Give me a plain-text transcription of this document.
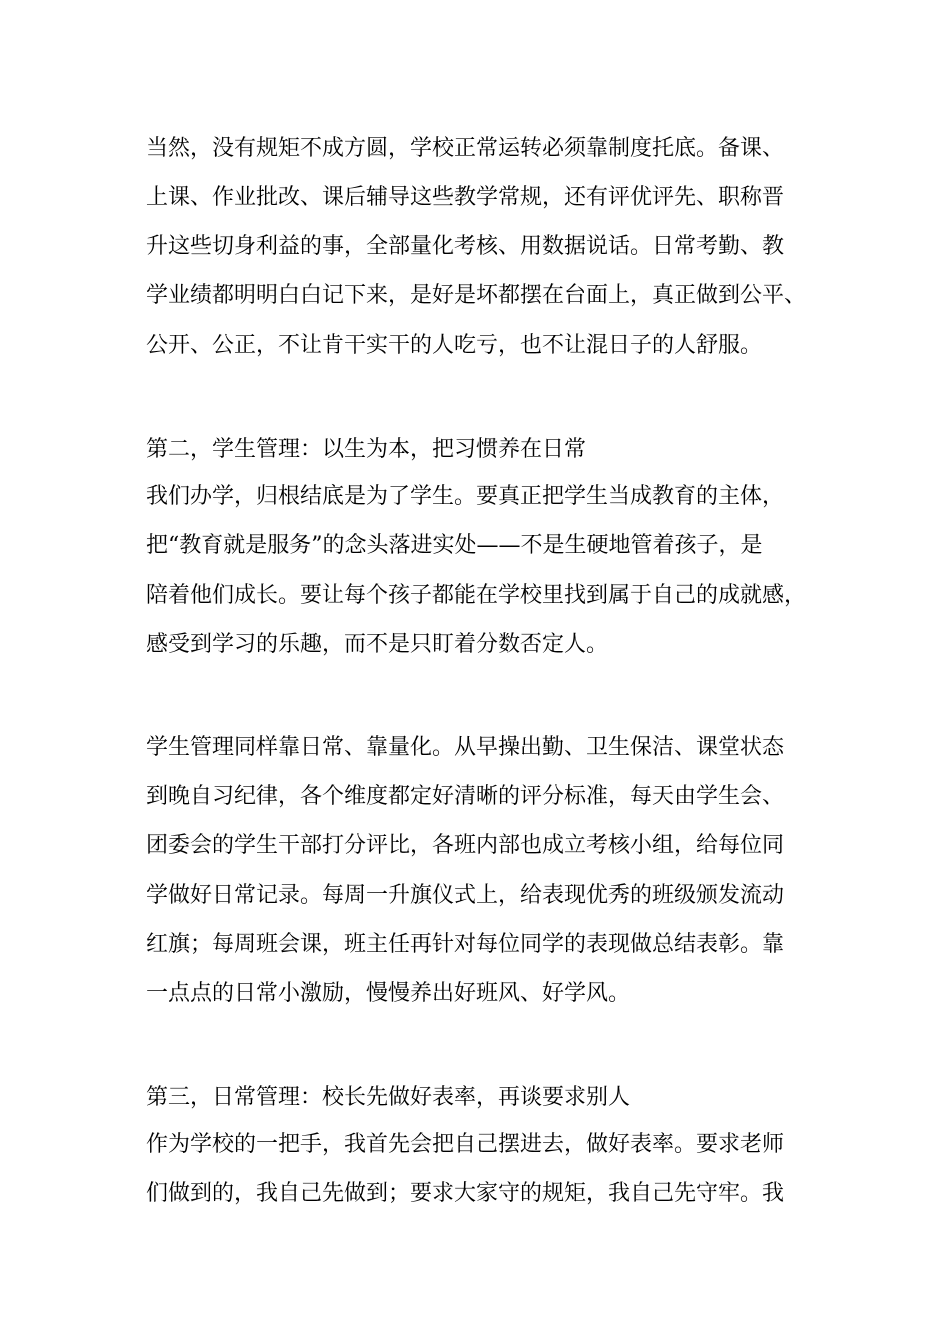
当然，没有规矩不成方圆，学校正常运转必须靠制度托底。备课、
上课、作业批改、课后辅导这些教学常规，还有评优评先、职称晋
升这些切身利益的事，全部量化考核、用数据说话。日常考勤、教
学业绩都明明白白记下来，是好是坏都摆在台面上，真正做到公平、
公开、公正，不让肯干实干的人吃亏，也不让混日子的人舒服。
第二，学生管理：以生为本，把习惯养在日常
我们办学，归根结底是为了学生。要真正把学生当成教育的主体，
把“教育就是服务”的念头落进实处——不是生硬地管着孩子，是
陪着他们成长。要让每个孩子都能在学校里找到属于自己的成就感，
感受到学习的乐趣，而不是只盯着分数否定人。
学生管理同样靠日常、靠量化。从早操出勤、卫生保洁、课堂状态
到晚自习纪律，各个维度都定好清晰的评分标准，每天由学生会、
团委会的学生干部打分评比，各班内部也成立考核小组，给每位同
学做好日常记录。每周一升旗仪式上，给表现优秀的班级颁发流动
红旗；每周班会课，班主任再针对每位同学的表现做总结表彰。靠
一点点的日常小激励，慢慢养出好班风、好学风。
第三，日常管理：校长先做好表率，再谈要求别人
作为学校的一把手，我首先会把自己摆进去，做好表率。要求老师
们做到的，我自己先做到；要求大家守的规矩，我自己先守牢。我
